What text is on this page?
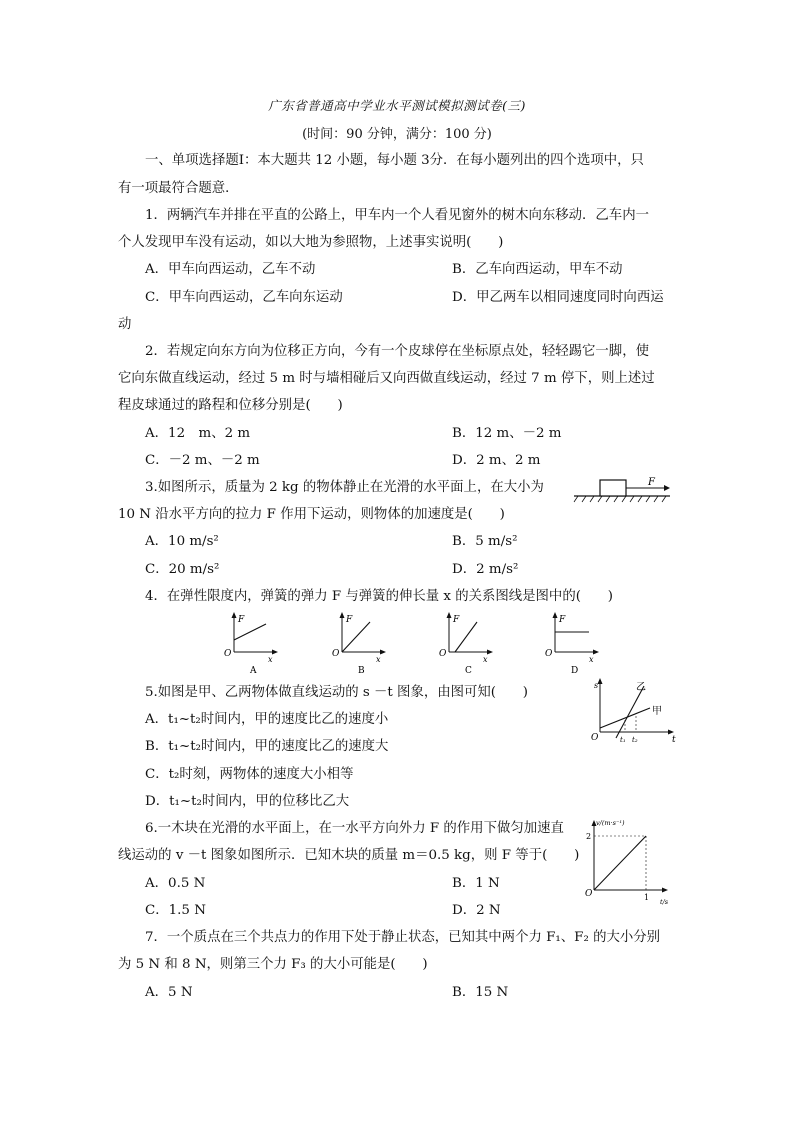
广东省普通高中学业水平测试模拟测试卷(三)
(时间：90 分钟，满分：100 分)
一、单项选择题Ⅰ：本大题共 12 小题，每小题 3分．在每小题列出的四个选项中，只
有一项最符合题意．
1．两辆汽车并排在平直的公路上，甲车内一个人看见窗外的树木向东移动．乙车内一
个人发现甲车没有运动，如以大地为参照物，上述事实说明(　　)
A．甲车向西运动，乙车不动	B．乙车向西运动，甲车不动
C．甲车向西运动，乙车向东运动	D．甲乙两车以相同速度同时向西运
动
2．若规定向东方向为位移正方向，今有一个皮球停在坐标原点处，轻轻踢它一脚，使
它向东做直线运动，经过 5 m 时与墙相碰后又向西做直线运动，经过 7 m 停下，则上述过
程皮球通过的路程和位移分别是(　　)
A．12　m、2 m	B．12 m、－2 m
C．－2 m、－2 m	D．2 m、2 m
3.如图所示，质量为 2 kg 的物体静止在光滑的水平面上，在大小为
10 N 沿水平方向的拉力 F 作用下运动，则物体的加速度是(　　)
A．10 m/s²	B．5 m/s²
C．20 m/s²	D．2 m/s²
F
4．在弹性限度内，弹簧的弹力 F 与弹簧的伸长量 x 的关系图线是图中的(　　)
F
O
x
A
F
O
x
B
F
O
x
C
F
O
x
D
5.如图是甲、乙两物体做直线运动的 s －t 图象，由图可知(　　)
A．t₁~t₂时间内，甲的速度比乙的速度小
B．t₁~t₂时间内，甲的速度比乙的速度大
C．t₂时刻，两物体的速度大小相等
D．t₁~t₂时间内，甲的位移比乙大
s
O	t
乙
甲
t₁ t₂
6.一木块在光滑的水平面上，在一水平方向外力 F 的作用下做匀加速直
线运动的 v －t 图象如图所示．已知木块的质量 m＝0.5 kg，则 F 等于(　　)
A．0.5 N	B．1 N
C．1.5 N	D．2 N
v/(m·s⁻¹)
2
O	1 t/s
7．一个质点在三个共点力的作用下处于静止状态，已知其中两个力 F₁、F₂ 的大小分别
为 5 N 和 8 N，则第三个力 F₃ 的大小可能是(　　)
A．5 N	B．15 N
